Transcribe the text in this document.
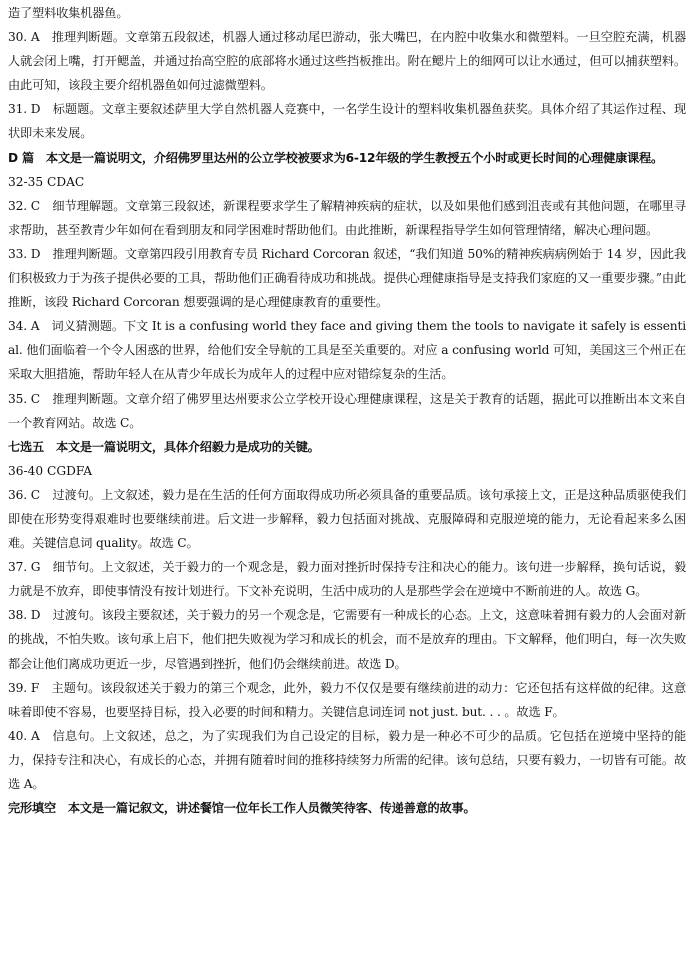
造了塑料收集机器鱼。

30. A　推理判断题。文章第五段叙述，机器人通过移动尾巴游动，张大嘴巴，在内腔中收集水和微塑料。一旦空腔充满，机器人就会闭上嘴，打开鳃盖，并通过抬高空腔的底部将水通过这些挡板推出。附在鳃片上的细网可以让水通过，但可以捕获塑料。由此可知，该段主要介绍机器鱼如何过滤微塑料。

31. D　标题题。文章主要叙述萨里大学自然机器人竞赛中，一名学生设计的塑料收集机器鱼获奖。具体介绍了其运作过程、现状即未来发展。

D 篇　本文是一篇说明文，介绍佛罗里达州的公立学校被要求为6-12年级的学生教授五个小时或更长时间的心理健康课程。

32-35 CDAC

32. C　细节理解题。文章第三段叙述，新课程要求学生了解精神疾病的症状，以及如果他们感到沮丧或有其他问题，在哪里寻求帮助，甚至教青少年如何在看到朋友和同学困难时帮助他们。由此推断，新课程指导学生如何管理情绪，解决心理问题。

33. D　推理判断题。文章第四段引用教育专员 Richard Corcoran 叙述，“我们知道 50%的精神疾病病例始于 14 岁，因此我们积极致力于为孩子提供必要的工具，帮助他们正确看待成功和挑战。提供心理健康指导是支持我们家庭的又一重要步骤。”由此推断，该段 Richard Corcoran 想要强调的是心理健康教育的重要性。

34. A　词义猜测题。下文 It is a confusing world they face and giving them the tools to navigate it safely is essential. 他们面临着一个令人困惑的世界，给他们安全导航的工具是至关重要的。对应 a confusing world 可知，美国这三个州正在采取大胆措施，帮助年轻人在从青少年成长为成年人的过程中应对错综复杂的生活。

35. C　推理判断题。文章介绍了佛罗里达州要求公立学校开设心理健康课程，这是关于教育的话题，据此可以推断出本文来自一个教育网站。故选 C。

七选五　本文是一篇说明文，具体介绍毅力是成功的关键。

36-40 CGDFA

36. C　过渡句。上文叙述，毅力是在生活的任何方面取得成功所必须具备的重要品质。该句承接上文，正是这种品质驱使我们即使在形势变得艰难时也要继续前进。后文进一步解释，毅力包括面对挑战、克服障碍和克服逆境的能力，无论看起来多么困难。关键信息词 quality。故选 C。

37. G　细节句。上文叙述，关于毅力的一个观念是，毅力面对挫折时保持专注和决心的能力。该句进一步解释，换句话说，毅力就是不放弃，即使事情没有按计划进行。下文补充说明，生活中成功的人是那些学会在逆境中不断前进的人。故选 G。

38. D　过渡句。该段主要叙述，关于毅力的另一个观念是，它需要有一种成长的心态。上文，这意味着拥有毅力的人会面对新的挑战，不怕失败。该句承上启下，他们把失败视为学习和成长的机会，而不是放弃的理由。下文解释，他们明白，每一次失败都会让他们离成功更近一步，尽管遇到挫折，他们仍会继续前进。故选 D。

39. F　主题句。该段叙述关于毅力的第三个观念，此外，毅力不仅仅是要有继续前进的动力：它还包括有这样做的纪律。这意味着即使不容易，也要坚持目标，投入必要的时间和精力。关键信息词连词 not just. but. . . 。故选 F。

40. A　信息句。上文叙述，总之，为了实现我们为自己设定的目标，毅力是一种必不可少的品质。它包括在逆境中坚持的能力，保持专注和决心，有成长的心态，并拥有随着时间的推移持续努力所需的纪律。该句总结，只要有毅力，一切皆有可能。故选 A。

完形填空　本文是一篇记叙文，讲述餐馆一位年长工作人员微笑待客、传递善意的故事。
